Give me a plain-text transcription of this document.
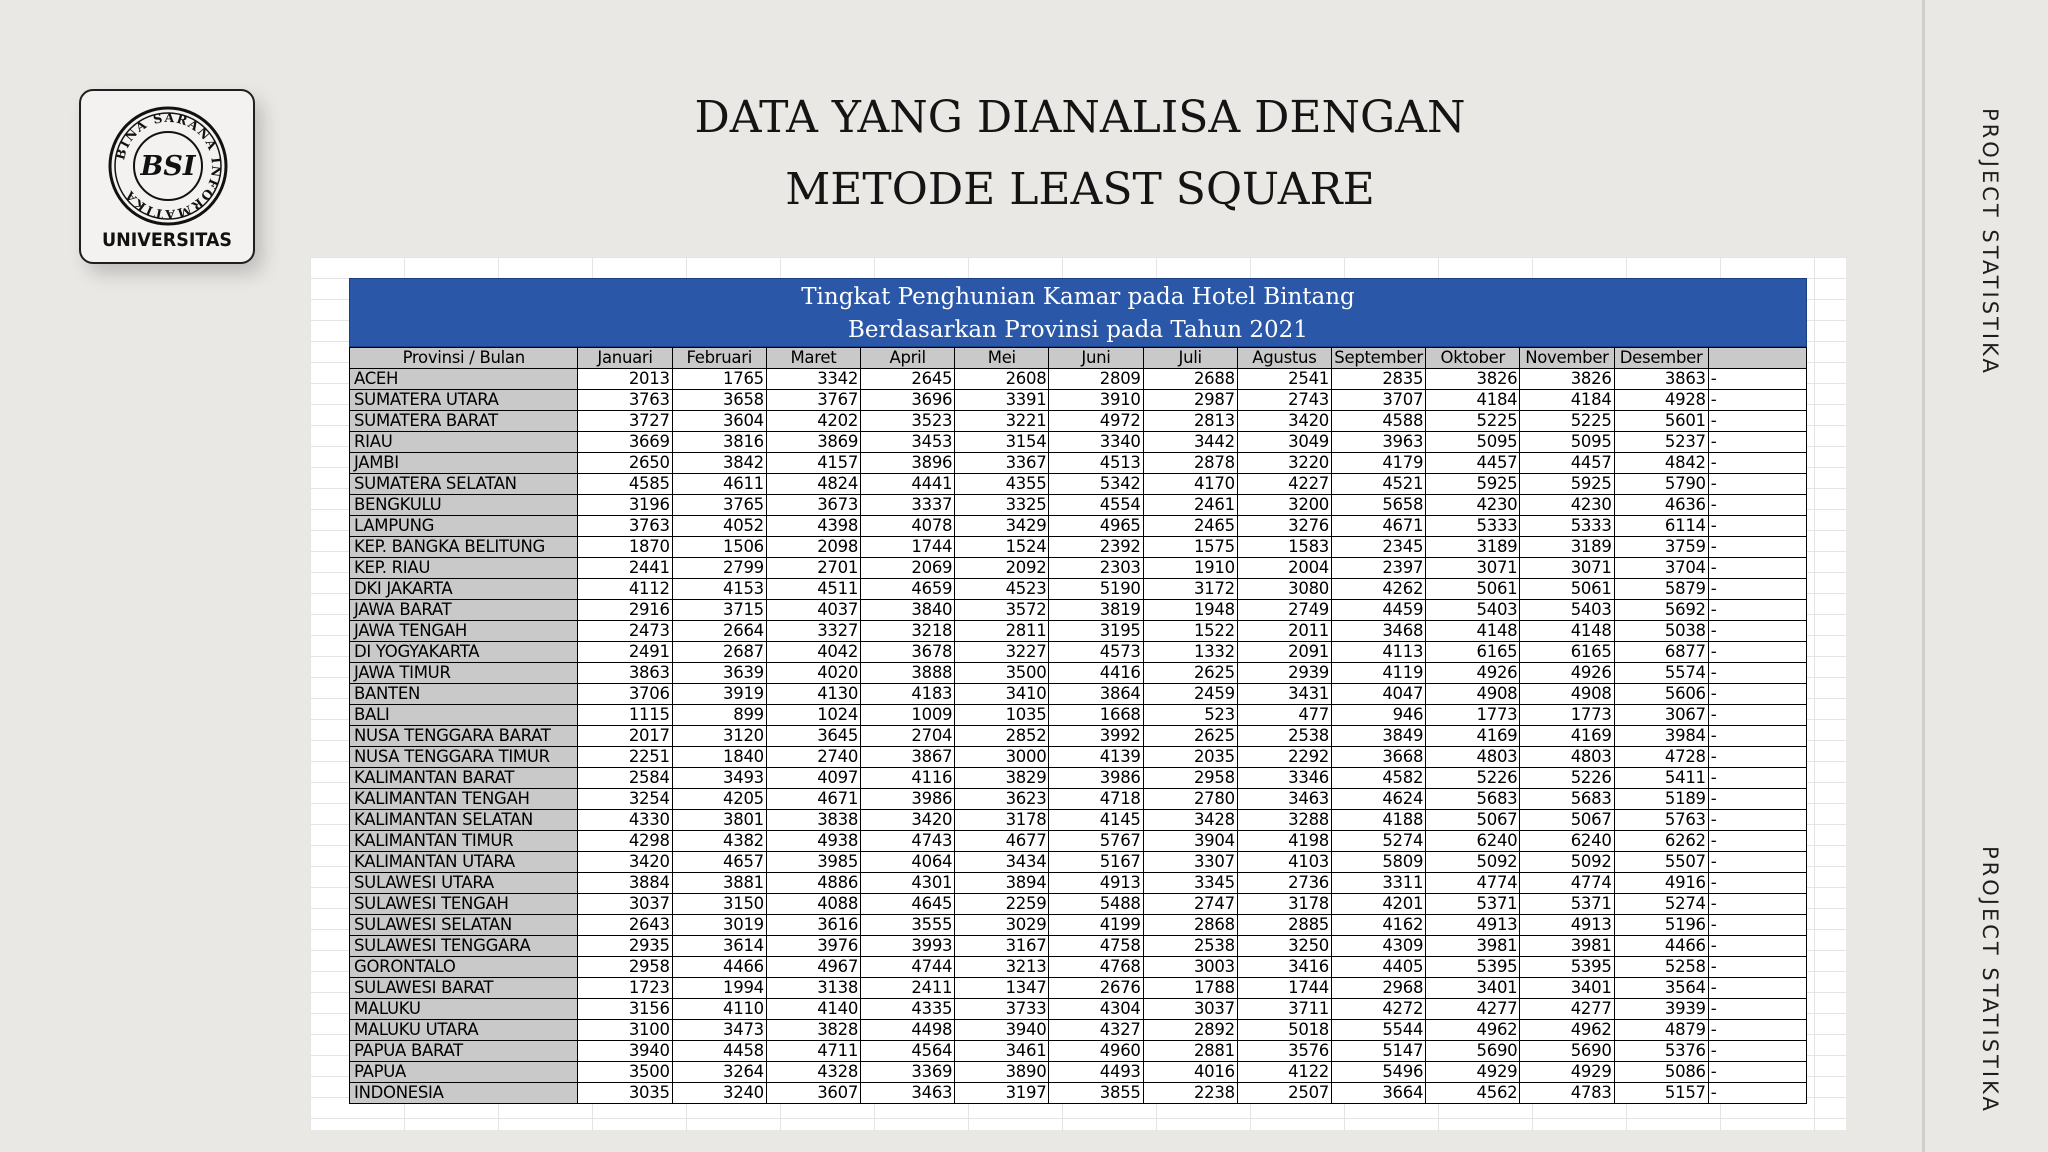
PROJECT STATISTIKA
PROJECT STATISTIKA
BINA SARANA INFORMATIKA
BSI
UNIVERSITAS
DATA YANG DIANALISA DENGAN
METODE LEAST SQUARE
Tingkat Penghunian Kamar pada Hotel Bintang
Berdasarkan Provinsi pada Tahun 2021
Provinsi / Bulan	Januari	Februari	Maret	April	Mei	Juni	Juli	Agustus	September	Oktober	November	Desember	
ACEH	2013	1765	3342	2645	2608	2809	2688	2541	2835	3826	3826	3863	-
SUMATERA UTARA	3763	3658	3767	3696	3391	3910	2987	2743	3707	4184	4184	4928	-
SUMATERA BARAT	3727	3604	4202	3523	3221	4972	2813	3420	4588	5225	5225	5601	-
RIAU	3669	3816	3869	3453	3154	3340	3442	3049	3963	5095	5095	5237	-
JAMBI	2650	3842	4157	3896	3367	4513	2878	3220	4179	4457	4457	4842	-
SUMATERA SELATAN	4585	4611	4824	4441	4355	5342	4170	4227	4521	5925	5925	5790	-
BENGKULU	3196	3765	3673	3337	3325	4554	2461	3200	5658	4230	4230	4636	-
LAMPUNG	3763	4052	4398	4078	3429	4965	2465	3276	4671	5333	5333	6114	-
KEP. BANGKA BELITUNG	1870	1506	2098	1744	1524	2392	1575	1583	2345	3189	3189	3759	-
KEP. RIAU	2441	2799	2701	2069	2092	2303	1910	2004	2397	3071	3071	3704	-
DKI JAKARTA	4112	4153	4511	4659	4523	5190	3172	3080	4262	5061	5061	5879	-
JAWA BARAT	2916	3715	4037	3840	3572	3819	1948	2749	4459	5403	5403	5692	-
JAWA TENGAH	2473	2664	3327	3218	2811	3195	1522	2011	3468	4148	4148	5038	-
DI YOGYAKARTA	2491	2687	4042	3678	3227	4573	1332	2091	4113	6165	6165	6877	-
JAWA TIMUR	3863	3639	4020	3888	3500	4416	2625	2939	4119	4926	4926	5574	-
BANTEN	3706	3919	4130	4183	3410	3864	2459	3431	4047	4908	4908	5606	-
BALI	1115	899	1024	1009	1035	1668	523	477	946	1773	1773	3067	-
NUSA TENGGARA BARAT	2017	3120	3645	2704	2852	3992	2625	2538	3849	4169	4169	3984	-
NUSA TENGGARA TIMUR	2251	1840	2740	3867	3000	4139	2035	2292	3668	4803	4803	4728	-
KALIMANTAN BARAT	2584	3493	4097	4116	3829	3986	2958	3346	4582	5226	5226	5411	-
KALIMANTAN TENGAH	3254	4205	4671	3986	3623	4718	2780	3463	4624	5683	5683	5189	-
KALIMANTAN SELATAN	4330	3801	3838	3420	3178	4145	3428	3288	4188	5067	5067	5763	-
KALIMANTAN TIMUR	4298	4382	4938	4743	4677	5767	3904	4198	5274	6240	6240	6262	-
KALIMANTAN UTARA	3420	4657	3985	4064	3434	5167	3307	4103	5809	5092	5092	5507	-
SULAWESI UTARA	3884	3881	4886	4301	3894	4913	3345	2736	3311	4774	4774	4916	-
SULAWESI TENGAH	3037	3150	4088	4645	2259	5488	2747	3178	4201	5371	5371	5274	-
SULAWESI SELATAN	2643	3019	3616	3555	3029	4199	2868	2885	4162	4913	4913	5196	-
SULAWESI TENGGARA	2935	3614	3976	3993	3167	4758	2538	3250	4309	3981	3981	4466	-
GORONTALO	2958	4466	4967	4744	3213	4768	3003	3416	4405	5395	5395	5258	-
SULAWESI BARAT	1723	1994	3138	2411	1347	2676	1788	1744	2968	3401	3401	3564	-
MALUKU	3156	4110	4140	4335	3733	4304	3037	3711	4272	4277	4277	3939	-
MALUKU UTARA	3100	3473	3828	4498	3940	4327	2892	5018	5544	4962	4962	4879	-
PAPUA BARAT	3940	4458	4711	4564	3461	4960	2881	3576	5147	5690	5690	5376	-
PAPUA	3500	3264	4328	3369	3890	4493	4016	4122	5496	4929	4929	5086	-
INDONESIA	3035	3240	3607	3463	3197	3855	2238	2507	3664	4562	4783	5157	-
